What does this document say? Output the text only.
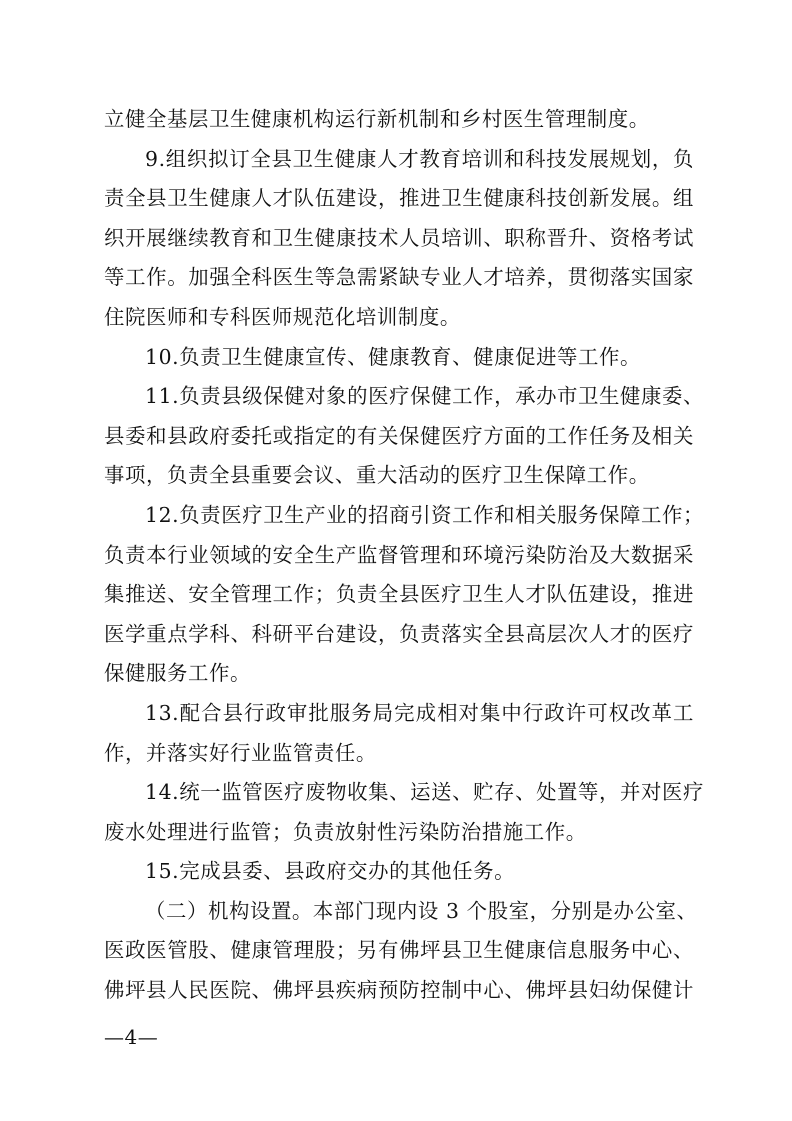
立健全基层卫生健康机构运行新机制和乡村医生管理制度。
9.组织拟订全县卫生健康人才教育培训和科技发展规划，负
责全县卫生健康人才队伍建设，推进卫生健康科技创新发展。组
织开展继续教育和卫生健康技术人员培训、职称晋升、资格考试
等工作。加强全科医生等急需紧缺专业人才培养，贯彻落实国家
住院医师和专科医师规范化培训制度。
10.负责卫生健康宣传、健康教育、健康促进等工作。
11.负责县级保健对象的医疗保健工作，承办市卫生健康委、
县委和县政府委托或指定的有关保健医疗方面的工作任务及相关
事项，负责全县重要会议、重大活动的医疗卫生保障工作。
12.负责医疗卫生产业的招商引资工作和相关服务保障工作；
负责本行业领域的安全生产监督管理和环境污染防治及大数据采
集推送、安全管理工作；负责全县医疗卫生人才队伍建设，推进
医学重点学科、科研平台建设，负责落实全县高层次人才的医疗
保健服务工作。
13.配合县行政审批服务局完成相对集中行政许可权改革工
作，并落实好行业监管责任。
14.统一监管医疗废物收集、运送、贮存、处置等，并对医疗
废水处理进行监管；负责放射性污染防治措施工作。
15.完成县委、县政府交办的其他任务。
（二）机构设置。本部门现内设 3 个股室，分别是办公室、
医政医管股、健康管理股；另有佛坪县卫生健康信息服务中心、
佛坪县人民医院、佛坪县疾病预防控制中心、佛坪县妇幼保健计
—4—
